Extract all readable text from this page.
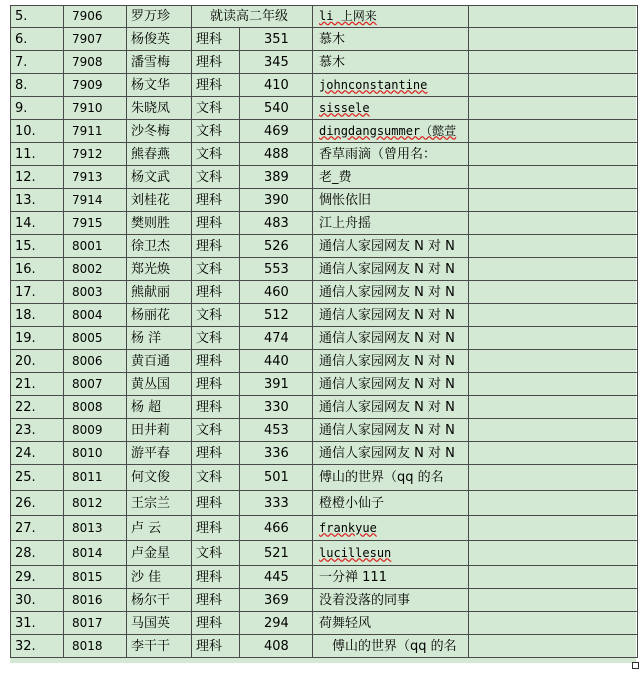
5.	7906	罗万珍	就读高二年级		li 上网来	
6.	7907	杨俊英	理科	351	慕木	
7.	7908	潘雪梅	理科	345	慕木	
8.	7909	杨文华	理科	410	johnconstantine	
9.	7910	朱晓凤	文科	540	sissele	
10.	7911	沙冬梅	文科	469	dingdangsummer（懿萱	
11.	7912	熊春燕	文科	488	香草雨滴（曾用名：	
12.	7913	杨文武	文科	389	老_费	
13.	7914	刘桂花	理科	390	惆怅依旧	
14.	7915	樊则胜	理科	483	江上舟摇	
15.	8001	徐卫杰	理科	526	通信人家园网友 N 对 N	
16.	8002	郑光焕	文科	553	通信人家园网友 N 对 N	
17.	8003	熊献丽	理科	460	通信人家园网友 N 对 N	
18.	8004	杨丽花	文科	512	通信人家园网友 N 对 N	
19.	8005	杨 洋	文科	474	通信人家园网友 N 对 N	
20.	8006	黄百通	理科	440	通信人家园网友 N 对 N	
21.	8007	黄丛国	理科	391	通信人家园网友 N 对 N	
22.	8008	杨 超	理科	330	通信人家园网友 N 对 N	
23.	8009	田井莉	文科	453	通信人家园网友 N 对 N	
24.	8010	游平春	理科	336	通信人家园网友 N 对 N	
25.	8011	何文俊	文科	501	傅山的世界（qq 的名	
26.	8012	王宗兰	理科	333	橙橙小仙子	
27.	8013	卢 云	理科	466	frankyue	
28.	8014	卢金星	文科	521	lucillesun	
29.	8015	沙 佳	理科	445	一分禅 111	
30.	8016	杨尔干	理科	369	没着没落的同事	
31.	8017	马国英	理科	294	荷舞轻风	
32.	8018	李干干	理科	408	　傅山的世界（qq 的名	
